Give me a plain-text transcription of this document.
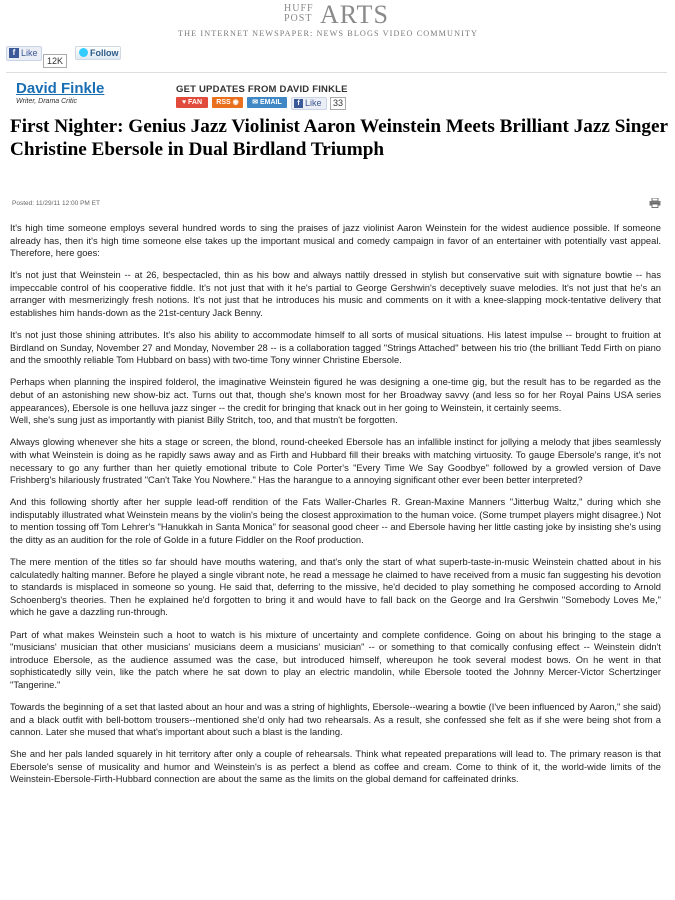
HUFF POST ARTS
THE INTERNET NEWSPAPER: NEWS BLOGS VIDEO COMMUNITY
f Like
12K
Follow
David Finkle
Writer, Drama Critic
GET UPDATES FROM DAVID FINKLE
♥ FAN	RSS ◉	✉ EMAIL	f Like	33
First Nighter: Genius Jazz Violinist Aaron Weinstein Meets Brilliant Jazz Singer Christine Ebersole in Dual Birdland Triumph
Posted: 11/29/11 12:00 PM ET

It's high time someone employs several hundred words to sing the praises of jazz violinist Aaron Weinstein for the widest audience possible. If someone already has, then it's high time someone else takes up the important musical and comedy campaign in favor of an entertainer with potentially vast appeal. Therefore, here goes:

It's not just that Weinstein -- at 26, bespectacled, thin as his bow and always nattily dressed in stylish but conservative suit with signature bowtie -- has impeccable control of his cooperative fiddle. It's not just that with it he's partial to George Gershwin's deceptively suave melodies. It's not just that he's an arranger with mesmerizingly fresh notions. It's not just that he introduces his music and comments on it with a knee-slapping mock-tentative delivery that establishes him hands-down as the 21st-century Jack Benny.

It's not just those shining attributes. It's also his ability to accommodate himself to all sorts of musical situations. His latest impulse -- brought to fruition at Birdland on Sunday, November 27 and Monday, November 28 -- is a collaboration tagged "Strings Attached" between his trio (the brilliant Tedd Firth on piano and the smoothly reliable Tom Hubbard on bass) with two-time Tony winner Christine Ebersole.

Perhaps when planning the inspired folderol, the imaginative Weinstein figured he was designing a one-time gig, but the result has to be regarded as the debut of an astonishing new show-biz act. Turns out that, though she's known most for her Broadway savvy (and less so for her Royal Pains USA series appearances), Ebersole is one helluva jazz singer -- the credit for bringing that knack out in her going to Weinstein, it certainly seems.

Well, she's sung just as importantly with pianist Billy Stritch, too, and that mustn't be forgotten.

Always glowing whenever she hits a stage or screen, the blond, round-cheeked Ebersole has an infallible instinct for jollying a melody that jibes seamlessly with what Weinstein is doing as he rapidly saws away and as Firth and Hubbard fill their breaks with matching virtuosity. To gauge Ebersole's range, it's not necessary to go any further than her quietly emotional tribute to Cole Porter's "Every Time We Say Goodbye" followed by a growled version of Dave Frishberg's hilariously frustrated "Can't Take You Nowhere." Has the harangue to a annoying significant other ever been better interpreted?

And this following shortly after her supple lead-off rendition of the Fats Waller-Charles R. Grean-Maxine Manners "Jitterbug Waltz," during which she indisputably illustrated what Weinstein means by the violin's being the closest approximation to the human voice. (Some trumpet players might disagree.) Not to mention tossing off Tom Lehrer's "Hanukkah in Santa Monica" for seasonal good cheer -- and Ebersole having her little casting joke by insisting she's using the ditty as an audition for the role of Golde in a future Fiddler on the Roof production.

The mere mention of the titles so far should have mouths watering, and that's only the start of what superb-taste-in-music Weinstein chatted about in his calculatedly halting manner. Before he played a single vibrant note, he read a message he claimed to have received from a music fan suggesting his devotion to standards is misplaced in someone so young. He said that, deferring to the missive, he'd decided to play something he composed according to Arnold Schoenberg's theories. Then he explained he'd forgotten to bring it and would have to fall back on the George and Ira Gershwin "Somebody Loves Me," which he gave a dazzling run-through.

Part of what makes Weinstein such a hoot to watch is his mixture of uncertainty and complete confidence. Going on about his bringing to the stage a "musicians' musician that other musicians' musicians deem a musicians' musician" -- or something to that comically confusing effect -- Weinstein didn't introduce Ebersole, as the audience assumed was the case, but introduced himself, whereupon he took several modest bows. On he went in that sophisticatedly silly vein, like the patch where he sat down to play an electric mandolin, while Ebersole tooted the Johnny Mercer-Victor Schertzinger "Tangerine."

Towards the beginning of a set that lasted about an hour and was a string of highlights, Ebersole--wearing a bowtie (I've been influenced by Aaron," she said) and a black outfit with bell-bottom trousers--mentioned she'd only had two rehearsals. As a result, she confessed she felt as if she were being shot from a cannon. Later she mused that what's important about such a blast is the landing.

She and her pals landed squarely in hit territory after only a couple of rehearsals. Think what repeated preparations will lead to. The primary reason is that Ebersole's sense of musicality and humor and Weinstein's is as perfect a blend as coffee and cream. Come to think of it, the world-wide limits of the Weinstein-Ebersole-Firth-Hubbard connection are about the same as the limits on the global demand for caffeinated drinks.
